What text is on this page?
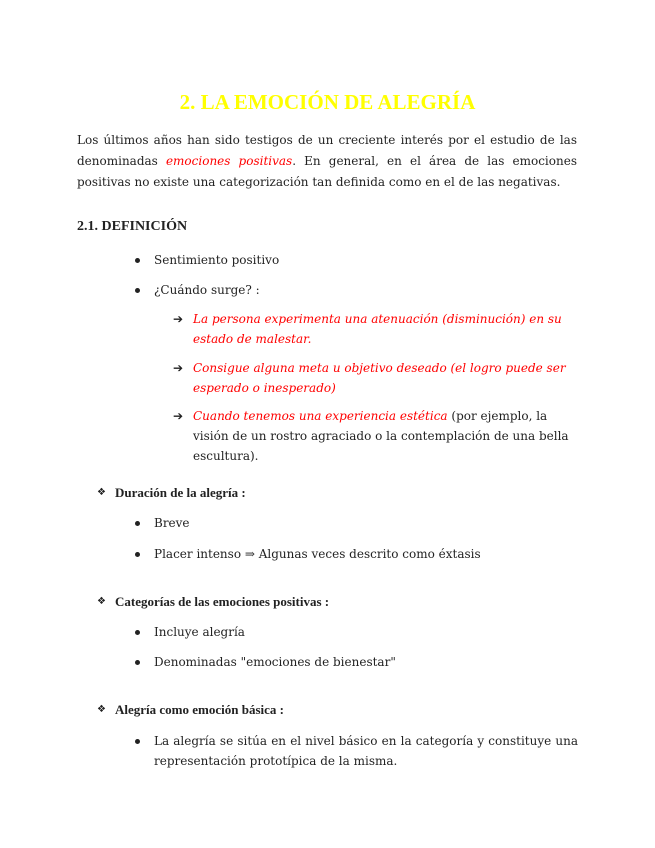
2. LA EMOCIÓN DE ALEGRÍA

Los últimos años han sido testigos de un creciente interés por el estudio de las denominadas emociones positivas. En general, en el área de las emociones positivas no existe una categorización tan definida como en el de las negativas.

2.1. DEFINICIÓN
Sentimiento positivo
¿Cuándo surge? :
➔ La persona experimenta una atenuación (disminución) en su estado de malestar.
➔ Consigue alguna meta u objetivo deseado (el logro puede ser esperado o inesperado)
➔ Cuando tenemos una experiencia estética (por ejemplo, la visión de un rostro agraciado o la contemplación de una bella escultura).
❖ Duración de la alegría :
Breve
Placer intenso ⇒ Algunas veces descrito como éxtasis
❖ Categorías de las emociones positivas :
Incluye alegría
Denominadas "emociones de bienestar"
❖ Alegría como emoción básica :
La alegría se sitúa en el nivel básico en la categoría y constituye una representación prototípica de la misma.
